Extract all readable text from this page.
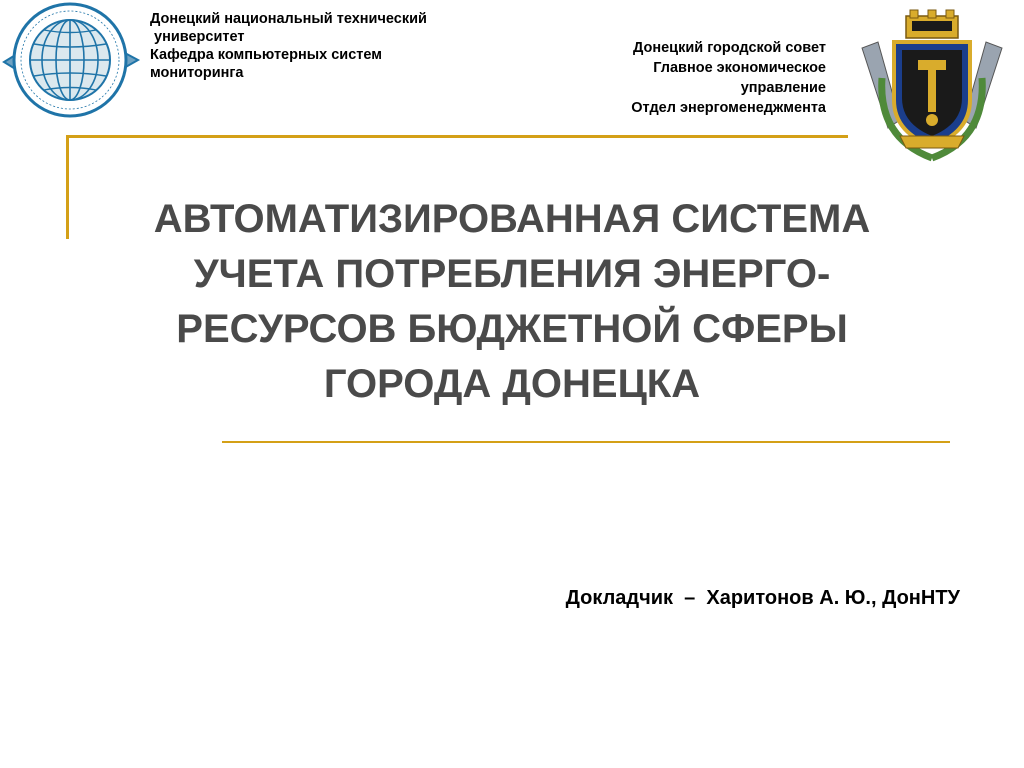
Донецкий национальный технический
университет
Кафедра компьютерных систем
мониторинга
Донецкий городской совет
Главное экономическое
управление
Отдел энергоменеджмента
АВТОМАТИЗИРОВАННАЯ СИСТЕМА
УЧЕТА ПОТРЕБЛЕНИЯ ЭНЕРГО-
РЕСУРСОВ БЮДЖЕТНОЙ СФЕРЫ
ГОРОДА ДОНЕЦКА
Докладчик  –  Харитонов А. Ю., ДонНТУ
